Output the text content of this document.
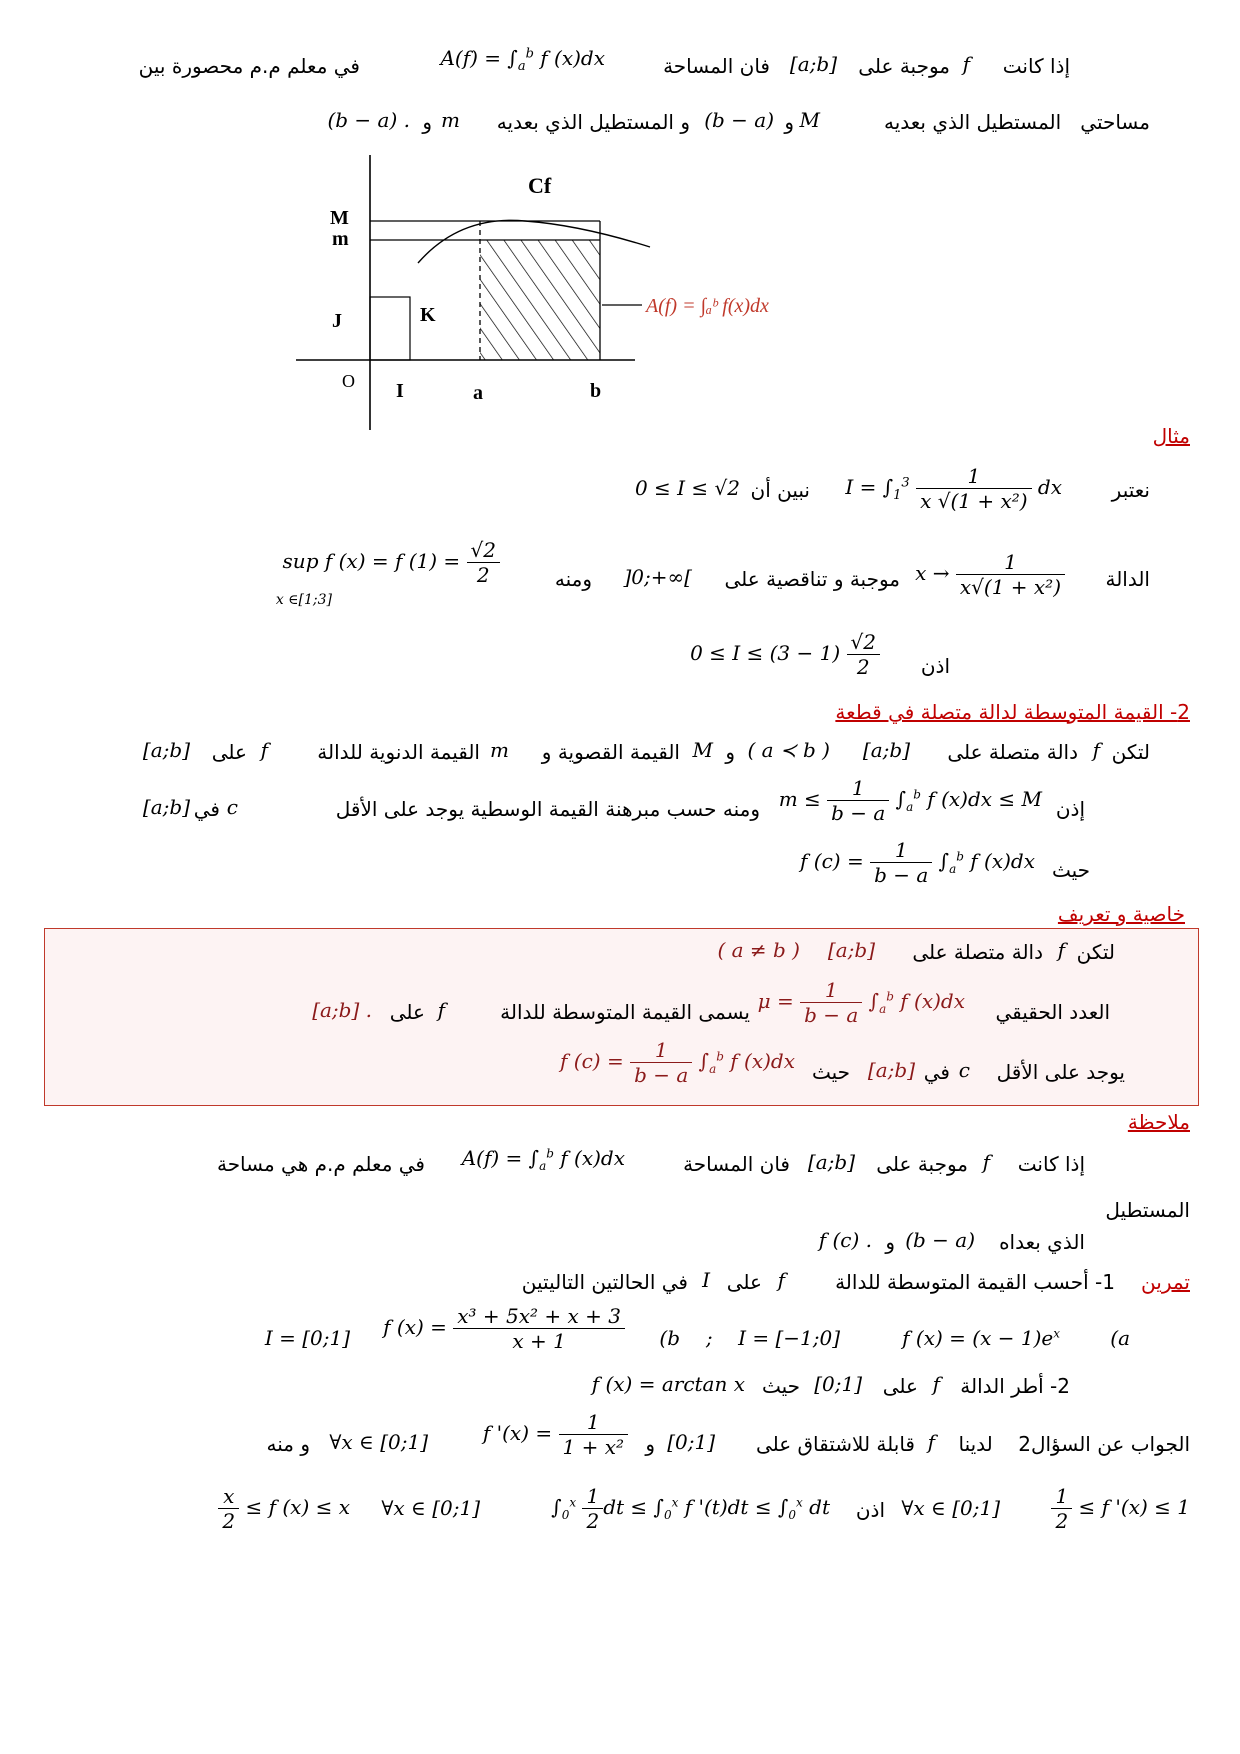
إذا كانت
f
موجبة على
[a;b]
فان المساحة
$A(f) = \int_a^b$ f (x)dx
في معلم م.م محصورة بين
مساحتي   المستطيل الذي بعديه
M
و
(b − a)
و المستطيل الذي بعديه
m
و
(b − a) .
Cf
M
m
J	K
O I	a	b
A(f) = ∫ₐᵇ f(x)dx
مثال
نعتبر
$I = \int_1^3 \frac{1}{\text{x √(1 + x²)}}$ dx
نبين أن
0 ≤ I ≤ √2
الدالة
$x \to \frac{1}{\text{x√(1 + x²)}}$
موجبة و تناقصية على
]0;+∞[
ومنه
sup f (x) = f $(1) = \frac{√2}{2}$
x ∈[1;3]
اذن
$0 \le I \le (3 - 1) \frac{√2}{2}$
2- القيمة المتوسطة لدالة متصلة في قطعة
لتكن
f
دالة متصلة على
[a;b]
( a ≺ b )
و
M
القيمة القصوية و
m
القيمة الدنوية للدالة
f
على
[a;b]
إذن
$m \le \frac{1}{b - a} \int_a^b$ f (x)dx ≤ M
ومنه حسب مبرهنة القيمة الوسطية يوجد على الأقل
c
في
[a;b]
حيث
f $(c) = \frac{1}{b - a} \int_a^b$ f (x)dx
خاصية و تعريف
لتكن
f
دالة متصلة على
[a;b]
( a ≠ b )
العدد الحقيقي
$\mu = \frac{1}{b - a} \int_a^b$ f (x)dx
يسمى القيمة المتوسطة للدالة
f
على
[a;b] .
يوجد على الأقل
c
في
[a;b]
حيث
f $(c) = \frac{1}{b - a} \int_a^b$ f (x)dx
ملاحظة
إذا كانت
f
موجبة على
[a;b]
فان المساحة
$A(f) = \int_a^b$ f (x)dx
في معلم م.م هي مساحة
المستطيل
الذي بعداه
(b − a)
و
f (c) .
تمرين
1- أحسب القيمة المتوسطة للدالة
f
على
I
في الحالتين التاليتين
(a
f $(x) = (x - 1)e^x$
;    I = [−1;0]
(b
f $(x) = \frac{\text{x³ + 5x² + x + 3}}{x + 1}$
I = [0;1]
2- أطر الدالة
f
على
[0;1]
حيث
f (x) = arctan x
الجواب عن السؤال2    لدينا
f
قابلة للاشتقاق على
[0;1]
و
f '$(x) = \frac{1}{\text{1 + x²}}$
∀x ∈ [0;1]
و منه
$\frac{1}{2} \le f$ '(x) ≤ 1
∀x ∈ [0;1]
اذن
$\int_0^x \frac{1}{2}$ dt ≤ $\int_0^x$ f '$(t)dt \le \int_0^x$ dt
∀x ∈ [0;1]
$\frac{x}{2} \le f$ (x) ≤ x
